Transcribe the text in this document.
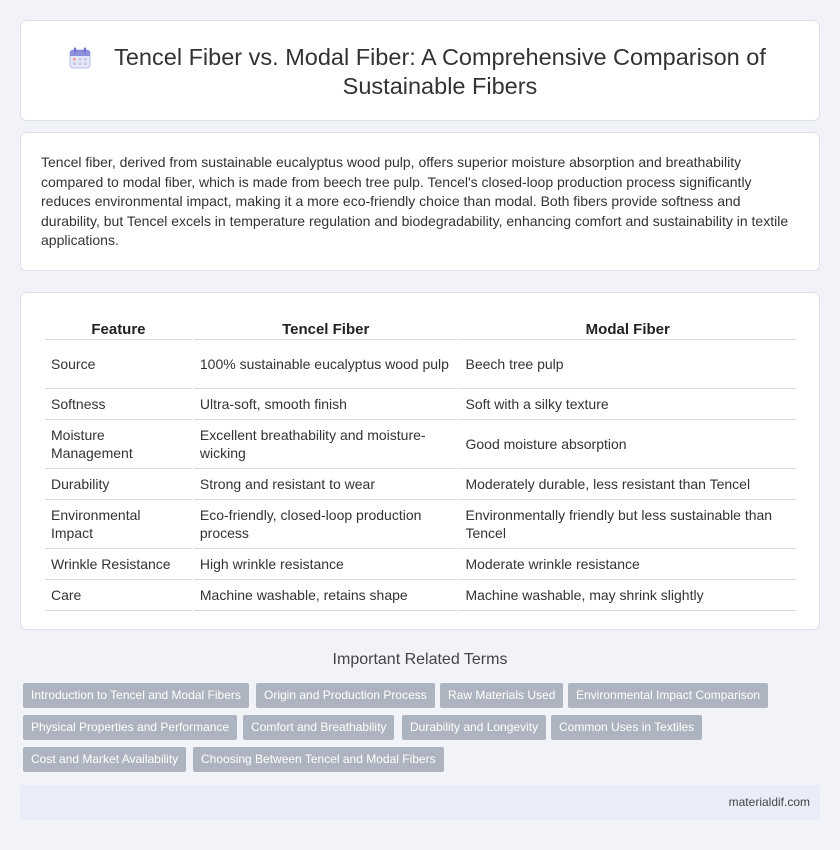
Tencel Fiber vs. Modal Fiber: A Comprehensive Comparison of Sustainable Fibers

Tencel fiber, derived from sustainable eucalyptus wood pulp, offers superior moisture absorption and breathability compared to modal fiber, which is made from beech tree pulp. Tencel's closed-loop production process significantly reduces environmental impact, making it a more eco-friendly choice than modal. Both fibers provide softness and durability, but Tencel excels in temperature regulation and biodegradability, enhancing comfort and sustainability in textile applications.

Feature	Tencel Fiber	Modal Fiber
Source	100% sustainable eucalyptus wood pulp	Beech tree pulp
Softness	Ultra-soft, smooth finish	Soft with a silky texture
Moisture Management	Excellent breathability and moisture-wicking	Good moisture absorption
Durability	Strong and resistant to wear	Moderately durable, less resistant than Tencel
Environmental Impact	Eco-friendly, closed-loop production process	Environmentally friendly but less sustainable than Tencel
Wrinkle Resistance	High wrinkle resistance	Moderate wrinkle resistance
Care	Machine washable, retains shape	Machine washable, may shrink slightly
Important Related Terms
Introduction to Tencel and Modal Fibers	Origin and Production Process	Raw Materials Used	Environmental Impact Comparison
Physical Properties and Performance	Comfort and Breathability	Durability and Longevity	Common Uses in Textiles
Cost and Market Availability	Choosing Between Tencel and Modal Fibers
materialdif.com
